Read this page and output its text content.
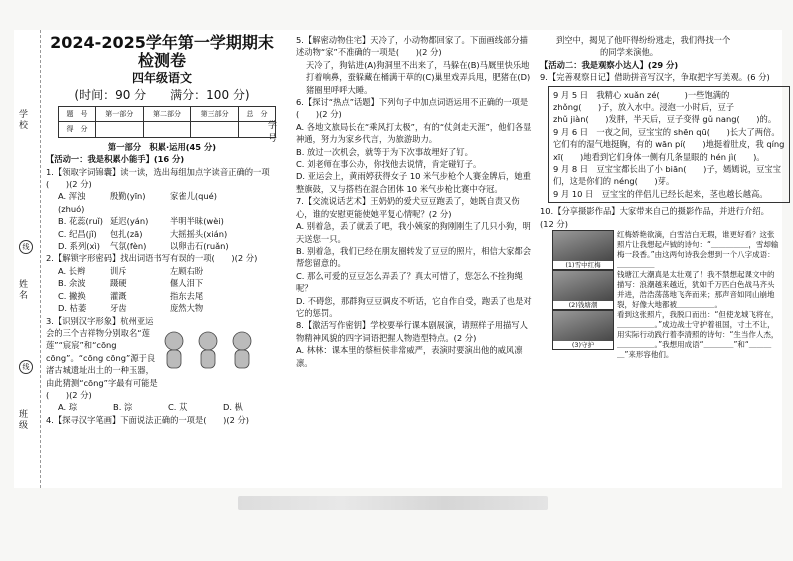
学校
线
姓名
线
班级
学号

2024-2025学年第一学期期末检测卷

四年级语文

(时间：90 分　　满分：100 分)

题　号	第一部分	第二部分	第三部分	总　分
得　分				

第一部分　积累·运用(45 分)

【活动一：我是积累小能手】(16 分)

1.【领取字词锦囊】读一读，选出每组加点字读音正确的一项(　　)(2 分)

A. 浑浊(zhuó)
殷勤(yīn)	家雀儿(qué)
B. 花蕊(ruǐ) 延迟(yán)	半明半昧(wèi)
C. 纪昌(jǐ)	包扎(zā)	大摇摇头(xián)
D. 系列(xì)	气氛(fèn)	以卵击石(ruǎn)

2.【解锁字形密码】找出词语书写有误的一项(　　)(2 分)

A. 长辫	训斥	左顾右盼
B. 余波	蹑硬	偃人泪下
C. 撇换	灌溉	指东去尾
D. 枯萎	牙齿	庞然大物

3.【识别汉字形象】杭州亚运会的三个吉祥物分别取名“莲莲”“宸宸”和“cōng cōng”。“cōng cōng”源于良渚古城遗址出土的一种玉器，由此猜测“cōng”字最有可能是(　　)(2 分)

A. 琮	B. 淙	C. 苁	D. 枞

4.【探寻汉字笔画】下面说法正确的一项是(　　)(2 分)

5.【解密动物住宅】天冷了，小动物都回家了。下面画线部分描述动物“家”不准确的一项是(　　)(2 分)

天冷了，狗钻进(A)狗洞里不出来了，马躲在(B)马厩里快乐地打着响鼻，蚕躲藏在桶满干草的(C)巢里戏弄兵甩，肥猪在(D)猪圈里呼呼大睡。

6.【探讨“热点”话题】下列句子中加点词语运用不正确的一项是(　　)(2 分)

A. 各地文旅局长在“乘风打太极”，有的“仗剑走天涯”，他们各显神通，努力为家乡代言，为旅游助力。

B. 放过一次机会，就等于为下次事故埋好了钉。

C. 刘老师在事公办，你找他去说情，肯定碰钉子。

D. 亚运会上，黄雨婷获得女子 10 米气步枪个人赛金牌后，她重整旗鼓，又与搭档在混合团体 10 米气步枪比赛中夺冠。

7.【交流说话艺术】王奶奶的爱犬豆豆跑丢了，她既自责又伤心，谁的安慰更能使她平复心情呢？(2 分)

A. 别着急，丢了就丢了吧，我小姨家的狗刚刚生了几只小狗，明天送您一只。

B. 别着急，我们已经在朋友圈转发了豆豆的照片，相信大家都会帮您留意的。

C. 那么可爱的豆豆怎么弄丢了？真太可惜了，您怎么不拴狗绳呢？

D. 不碍您，那群狗豆豆调皮不听话，它自作自受，跑丢了也是对它的惩罚。

8.【激活写作密钥】学校要举行课本剧展演，请照样子用描写人物精神风貌的四字词语把握人物造型特点。(2 分)

A. 林林：课本里的蔡桓侯非常威严，表演时要演出他的威风凛凛。

到空中，揭见了他吓得纷纷逃走，我们得找一个

的同学来演他。

【活动二：我是观察小达人】(29 分)

9.【完善观察日记】借助拼音写汉字，争取把字写美观。(6 分)

9 月 5 日　我精心 xuǎn zé(　　　)一些饱满的

zhǒng(　　)子，放入水中。浸泡一小时后，豆子

zhǔ jiàn(　　)发胖，半天后，豆子变得 gǔ nang(　　)的。

9 月 6 日　一夜之间，豆宝宝的 shēn qū(　　)长大了两倍。它们有的湿气地挺胸，有的 wān pí(　　)地挺着肚皮，我 qíng xī(　　)地看到它们身体一侧有几条显眼的 hén jì(　　)。

9 月 8 日　豆宝宝都长出了小 biān(　　)子，嫣嫣说，豆宝宝们，这是你们的 néng(　　)芽。

9 月 10 日　豆宝宝的伴侣儿已经长起来，茎也越长越高。

10.【分享摄影作品】大家带来自己的摄影作品，并进行介绍。(12 分)

(1)雪中红梅
红梅娇艳欲滴，白雪洁白无瑕，谁更好看？这张照片让我想起卢钺的诗句：“＿＿＿＿＿，雪却输梅一段香。”由这两句诗我会想到一个八字成语：＿＿＿＿＿
(2)钱塘潮
钱塘江大潮真是太壮观了！我不禁想起课文中的描写：浪潮越来越近，犹如千万匹白色战马齐头并进，浩浩荡荡地飞奔而来；那声音如同山崩地裂，好像大地都被＿＿＿＿＿。
(3)守护
看到这张照片，我脱口而出：“但使龙城飞将在，＿＿＿＿＿。”成边战士守护着祖国，寸土不让，用实际行动践行着李清照的诗句：“生当作人杰，＿＿＿＿＿。”我想用成语“＿＿＿＿”和“＿＿＿＿”来形容他们。
